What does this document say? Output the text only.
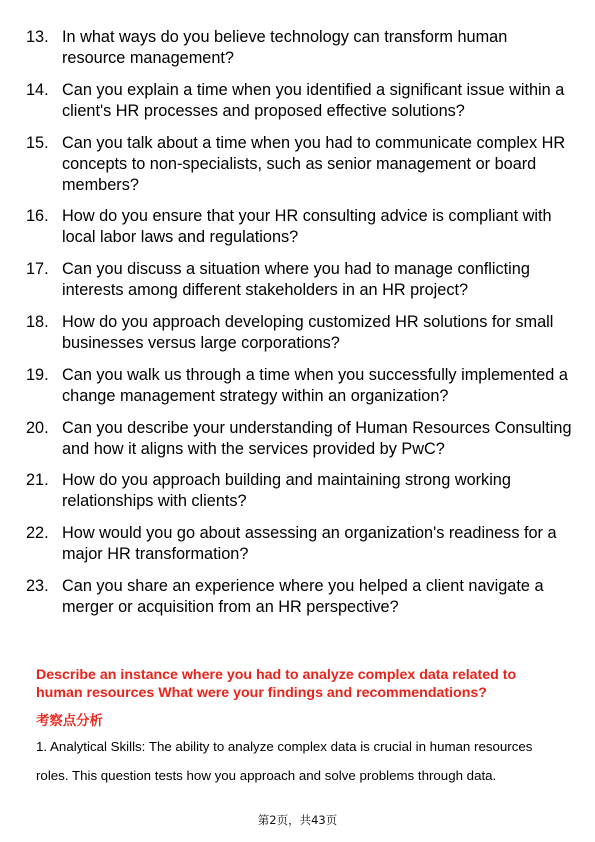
13. In what ways do you believe technology can transform human resource management?
14. Can you explain a time when you identified a significant issue within a client's HR processes and proposed effective solutions?
15. Can you talk about a time when you had to communicate complex HR concepts to non-specialists, such as senior management or board members?
16. How do you ensure that your HR consulting advice is compliant with local labor laws and regulations?
17. Can you discuss a situation where you had to manage conflicting interests among different stakeholders in an HR project?
18. How do you approach developing customized HR solutions for small businesses versus large corporations?
19. Can you walk us through a time when you successfully implemented a change management strategy within an organization?
20. Can you describe your understanding of Human Resources Consulting and how it aligns with the services provided by PwC?
21. How do you approach building and maintaining strong working relationships with clients?
22. How would you go about assessing an organization's readiness for a major HR transformation?
23. Can you share an experience where you helped a client navigate a merger or acquisition from an HR perspective?

Describe an instance where you had to analyze complex data related to human resources What were your findings and recommendations?

考察点分析
1. Analytical Skills: The ability to analyze complex data is crucial in human resources roles. This question tests how you approach and solve problems through data.
第2页，共43页
